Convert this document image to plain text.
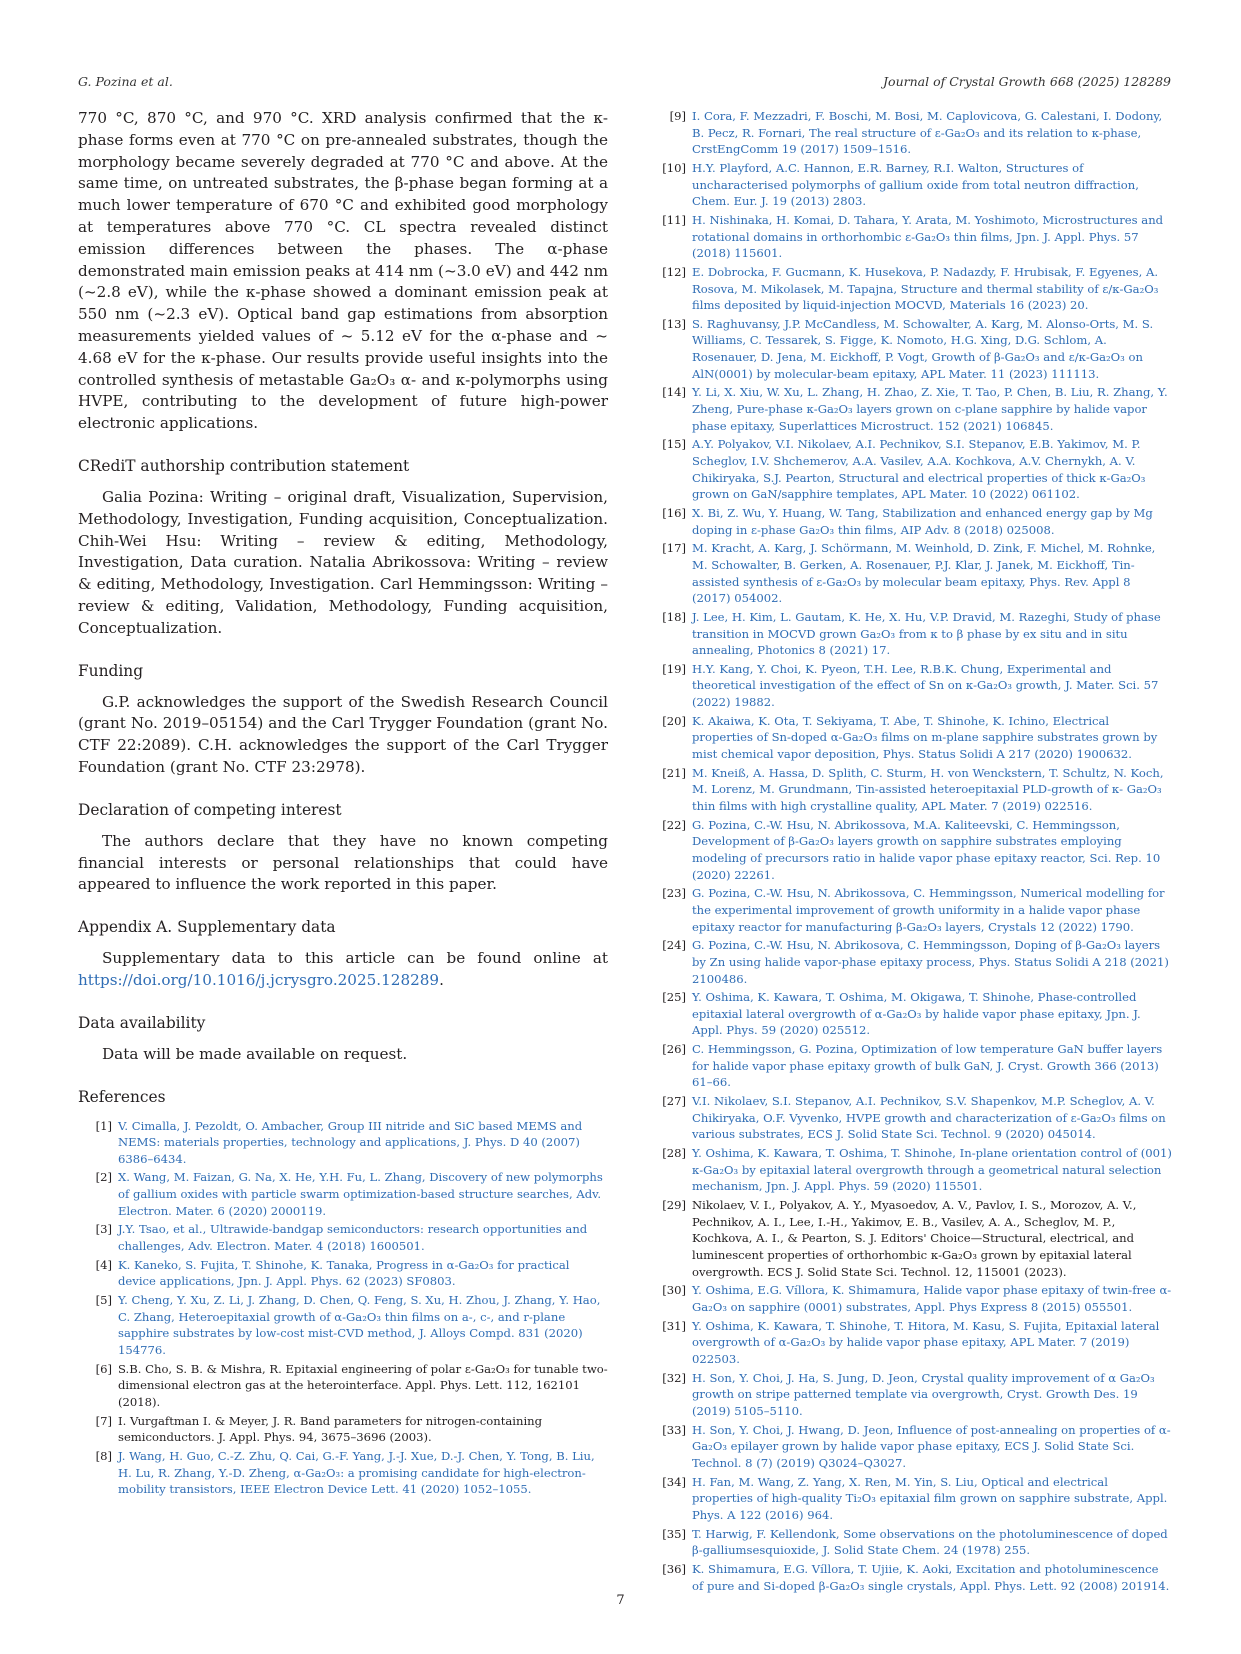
G. Pozina et al.	Journal of Crystal Growth 668 (2025) 128289

770 °C, 870 °C, and 970 °C. XRD analysis confirmed that the κ-phase forms even at 770 °C on pre-annealed substrates, though the morphology became severely degraded at 770 °C and above. At the same time, on untreated substrates, the β-phase began forming at a much lower temperature of 670 °C and exhibited good morphology at temperatures above 770 °C. CL spectra revealed distinct emission differences between the phases. The α-phase demonstrated main emission peaks at 414 nm (~3.0 eV) and 442 nm (~2.8 eV), while the κ-phase showed a dominant emission peak at 550 nm (~2.3 eV). Optical band gap estimations from absorption measurements yielded values of ~ 5.12 eV for the α-phase and ~ 4.68 eV for the κ-phase. Our results provide useful insights into the controlled synthesis of metastable Ga₂O₃ α- and κ-polymorphs using HVPE, contributing to the development of future high-power electronic applications.

CRediT authorship contribution statement

Galia Pozina: Writing – original draft, Visualization, Supervision, Methodology, Investigation, Funding acquisition, Conceptualization. Chih-Wei Hsu: Writing – review & editing, Methodology, Investigation, Data curation. Natalia Abrikossova: Writing – review & editing, Methodology, Investigation. Carl Hemmingsson: Writing – review & editing, Validation, Methodology, Funding acquisition, Conceptualization.

Funding

G.P. acknowledges the support of the Swedish Research Council (grant No. 2019–05154) and the Carl Trygger Foundation (grant No. CTF 22:2089). C.H. acknowledges the support of the Carl Trygger Foundation (grant No. CTF 23:2978).

Declaration of competing interest

The authors declare that they have no known competing financial interests or personal relationships that could have appeared to influence the work reported in this paper.

Appendix A. Supplementary data

Supplementary data to this article can be found online at https://doi.org/10.1016/j.jcrysgro.2025.128289.

Data availability

Data will be made available on request.

References
[1] V. Cimalla, J. Pezoldt, O. Ambacher, Group III nitride and SiC based MEMS and NEMS: materials properties, technology and applications, J. Phys. D 40 (2007) 6386–6434.
[2] X. Wang, M. Faizan, G. Na, X. He, Y.H. Fu, L. Zhang, Discovery of new polymorphs of gallium oxides with particle swarm optimization-based structure searches, Adv. Electron. Mater. 6 (2020) 2000119.
[3] J.Y. Tsao, et al., Ultrawide-bandgap semiconductors: research opportunities and challenges, Adv. Electron. Mater. 4 (2018) 1600501.
[4] K. Kaneko, S. Fujita, T. Shinohe, K. Tanaka, Progress in α-Ga₂O₃ for practical device applications, Jpn. J. Appl. Phys. 62 (2023) SF0803.
[5] Y. Cheng, Y. Xu, Z. Li, J. Zhang, D. Chen, Q. Feng, S. Xu, H. Zhou, J. Zhang, Y. Hao, C. Zhang, Heteroepitaxial growth of α-Ga₂O₃ thin films on a-, c-, and r-plane sapphire substrates by low-cost mist-CVD method, J. Alloys Compd. 831 (2020) 154776.
[6] S.B. Cho, S. B. & Mishra, R. Epitaxial engineering of polar ε-Ga₂O₃ for tunable two-dimensional electron gas at the heterointerface. Appl. Phys. Lett. 112, 162101 (2018).
[7] I. Vurgaftman I. & Meyer, J. R. Band parameters for nitrogen-containing semiconductors. J. Appl. Phys. 94, 3675–3696 (2003).
[8] J. Wang, H. Guo, C.-Z. Zhu, Q. Cai, G.-F. Yang, J.-J. Xue, D.-J. Chen, Y. Tong, B. Liu, H. Lu, R. Zhang, Y.-D. Zheng, α-Ga₂O₃: a promising candidate for high-electron-mobility transistors, IEEE Electron Device Lett. 41 (2020) 1052–1055.
[9] I. Cora, F. Mezzadri, F. Boschi, M. Bosi, M. Caplovicova, G. Calestani, I. Dodony, B. Pecz, R. Fornari, The real structure of ε-Ga₂O₃ and its relation to κ-phase, CrstEngComm 19 (2017) 1509–1516.
[10] H.Y. Playford, A.C. Hannon, E.R. Barney, R.I. Walton, Structures of uncharacterised polymorphs of gallium oxide from total neutron diffraction, Chem. Eur. J. 19 (2013) 2803.
[11] H. Nishinaka, H. Komai, D. Tahara, Y. Arata, M. Yoshimoto, Microstructures and rotational domains in orthorhombic ε-Ga₂O₃ thin films, Jpn. J. Appl. Phys. 57 (2018) 115601.
[12] E. Dobrocka, F. Gucmann, K. Husekova, P. Nadazdy, F. Hrubisak, F. Egyenes, A. Rosova, M. Mikolasek, M. Tapajna, Structure and thermal stability of ε/κ-Ga₂O₃ films deposited by liquid-injection MOCVD, Materials 16 (2023) 20.
[13] S. Raghuvansy, J.P. McCandless, M. Schowalter, A. Karg, M. Alonso-Orts, M. S. Williams, C. Tessarek, S. Figge, K. Nomoto, H.G. Xing, D.G. Schlom, A. Rosenauer, D. Jena, M. Eickhoff, P. Vogt, Growth of β-Ga₂O₃ and ε/κ-Ga₂O₃ on AlN(0001) by molecular-beam epitaxy, APL Mater. 11 (2023) 111113.
[14] Y. Li, X. Xiu, W. Xu, L. Zhang, H. Zhao, Z. Xie, T. Tao, P. Chen, B. Liu, R. Zhang, Y. Zheng, Pure-phase κ-Ga₂O₃ layers grown on c-plane sapphire by halide vapor phase epitaxy, Superlattices Microstruct. 152 (2021) 106845.
[15] A.Y. Polyakov, V.I. Nikolaev, A.I. Pechnikov, S.I. Stepanov, E.B. Yakimov, M. P. Scheglov, I.V. Shchemerov, A.A. Vasilev, A.A. Kochkova, A.V. Chernykh, A. V. Chikiryaka, S.J. Pearton, Structural and electrical properties of thick κ-Ga₂O₃ grown on GaN/sapphire templates, APL Mater. 10 (2022) 061102.
[16] X. Bi, Z. Wu, Y. Huang, W. Tang, Stabilization and enhanced energy gap by Mg doping in ε-phase Ga₂O₃ thin films, AIP Adv. 8 (2018) 025008.
[17] M. Kracht, A. Karg, J. Schörmann, M. Weinhold, D. Zink, F. Michel, M. Rohnke, M. Schowalter, B. Gerken, A. Rosenauer, P.J. Klar, J. Janek, M. Eickhoff, Tin-assisted synthesis of ε-Ga₂O₃ by molecular beam epitaxy, Phys. Rev. Appl 8 (2017) 054002.
[18] J. Lee, H. Kim, L. Gautam, K. He, X. Hu, V.P. Dravid, M. Razeghi, Study of phase transition in MOCVD grown Ga₂O₃ from κ to β phase by ex situ and in situ annealing, Photonics 8 (2021) 17.
[19] H.Y. Kang, Y. Choi, K. Pyeon, T.H. Lee, R.B.K. Chung, Experimental and theoretical investigation of the effect of Sn on κ-Ga₂O₃ growth, J. Mater. Sci. 57 (2022) 19882.
[20] K. Akaiwa, K. Ota, T. Sekiyama, T. Abe, T. Shinohe, K. Ichino, Electrical properties of Sn-doped α-Ga₂O₃ films on m-plane sapphire substrates grown by mist chemical vapor deposition, Phys. Status Solidi A 217 (2020) 1900632.
[21] M. Kneiß, A. Hassa, D. Splith, C. Sturm, H. von Wenckstern, T. Schultz, N. Koch, M. Lorenz, M. Grundmann, Tin-assisted heteroepitaxial PLD-growth of κ- Ga₂O₃ thin films with high crystalline quality, APL Mater. 7 (2019) 022516.
[22] G. Pozina, C.-W. Hsu, N. Abrikossova, M.A. Kaliteevski, C. Hemmingsson, Development of β-Ga₂O₃ layers growth on sapphire substrates employing modeling of precursors ratio in halide vapor phase epitaxy reactor, Sci. Rep. 10 (2020) 22261.
[23] G. Pozina, C.-W. Hsu, N. Abrikossova, C. Hemmingsson, Numerical modelling for the experimental improvement of growth uniformity in a halide vapor phase epitaxy reactor for manufacturing β-Ga₂O₃ layers, Crystals 12 (2022) 1790.
[24] G. Pozina, C.-W. Hsu, N. Abrikosova, C. Hemmingsson, Doping of β-Ga₂O₃ layers by Zn using halide vapor-phase epitaxy process, Phys. Status Solidi A 218 (2021) 2100486.
[25] Y. Oshima, K. Kawara, T. Oshima, M. Okigawa, T. Shinohe, Phase-controlled epitaxial lateral overgrowth of α-Ga₂O₃ by halide vapor phase epitaxy, Jpn. J. Appl. Phys. 59 (2020) 025512.
[26] C. Hemmingsson, G. Pozina, Optimization of low temperature GaN buffer layers for halide vapor phase epitaxy growth of bulk GaN, J. Cryst. Growth 366 (2013) 61–66.
[27] V.I. Nikolaev, S.I. Stepanov, A.I. Pechnikov, S.V. Shapenkov, M.P. Scheglov, A. V. Chikiryaka, O.F. Vyvenko, HVPE growth and characterization of ε-Ga₂O₃ films on various substrates, ECS J. Solid State Sci. Technol. 9 (2020) 045014.
[28] Y. Oshima, K. Kawara, T. Oshima, T. Shinohe, In-plane orientation control of (001) κ-Ga₂O₃ by epitaxial lateral overgrowth through a geometrical natural selection mechanism, Jpn. J. Appl. Phys. 59 (2020) 115501.
[29] Nikolaev, V. I., Polyakov, A. Y., Myasoedov, A. V., Pavlov, I. S., Morozov, A. V., Pechnikov, A. I., Lee, I.-H., Yakimov, E. B., Vasilev, A. A., Scheglov, M. P., Kochkova, A. I., & Pearton, S. J. Editors' Choice—Structural, electrical, and luminescent properties of orthorhombic κ-Ga₂O₃ grown by epitaxial lateral overgrowth. ECS J. Solid State Sci. Technol. 12, 115001 (2023).
[30] Y. Oshima, E.G. Víllora, K. Shimamura, Halide vapor phase epitaxy of twin-free α-Ga₂O₃ on sapphire (0001) substrates, Appl. Phys Express 8 (2015) 055501.
[31] Y. Oshima, K. Kawara, T. Shinohe, T. Hitora, M. Kasu, S. Fujita, Epitaxial lateral overgrowth of α-Ga₂O₃ by halide vapor phase epitaxy, APL Mater. 7 (2019) 022503.
[32] H. Son, Y. Choi, J. Ha, S. Jung, D. Jeon, Crystal quality improvement of α Ga₂O₃ growth on stripe patterned template via overgrowth, Cryst. Growth Des. 19 (2019) 5105–5110.
[33] H. Son, Y. Choi, J. Hwang, D. Jeon, Influence of post-annealing on properties of α-Ga₂O₃ epilayer grown by halide vapor phase epitaxy, ECS J. Solid State Sci. Technol. 8 (7) (2019) Q3024–Q3027.
[34] H. Fan, M. Wang, Z. Yang, X. Ren, M. Yin, S. Liu, Optical and electrical properties of high-quality Ti₂O₃ epitaxial film grown on sapphire substrate, Appl. Phys. A 122 (2016) 964.
[35] T. Harwig, F. Kellendonk, Some observations on the photoluminescence of doped β-galliumsesquioxide, J. Solid State Chem. 24 (1978) 255.
[36] K. Shimamura, E.G. Víllora, T. Ujiie, K. Aoki, Excitation and photoluminescence of pure and Si-doped β-Ga₂O₃ single crystals, Appl. Phys. Lett. 92 (2008) 201914.
7
